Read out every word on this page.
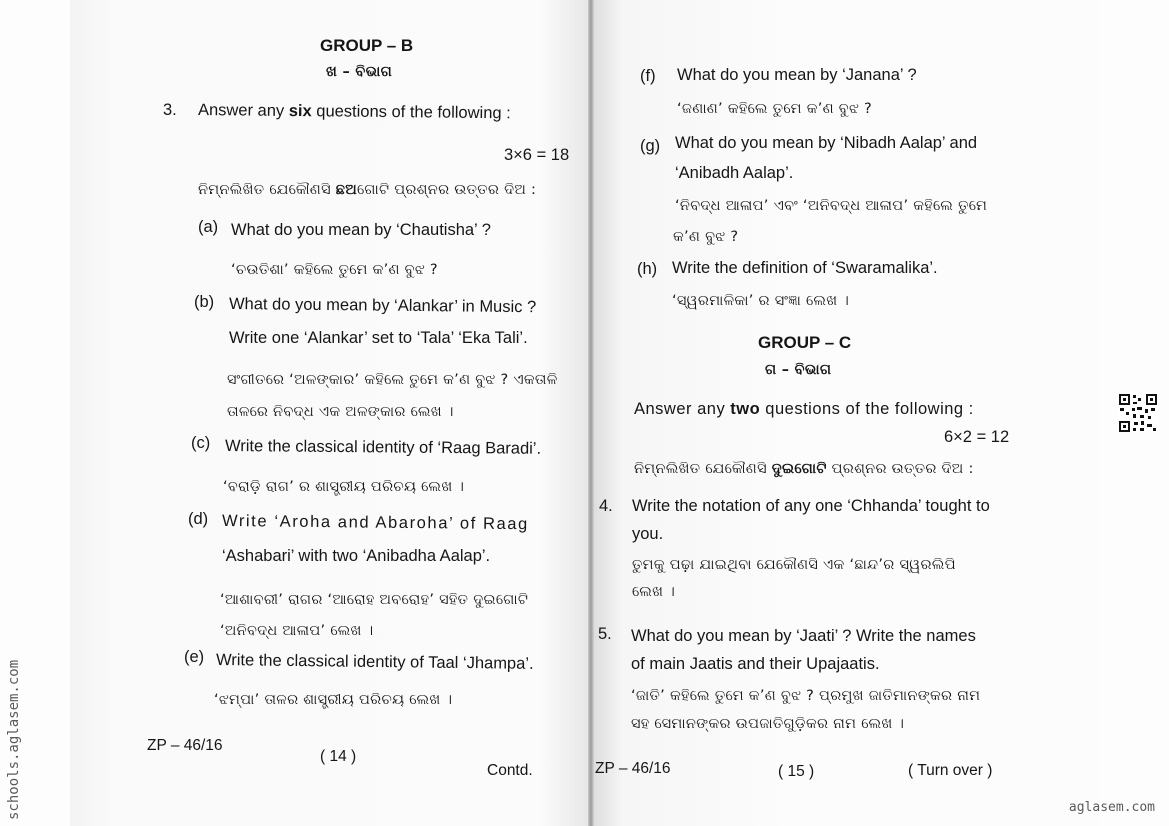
GROUP – B
ଖ – ବିଭାଗ
3. Answer any six questions of the following :
3×6 = 18
ନିମ୍ନଲିଖିତ ଯେକୌଣସି ଛଅଗୋଟି ପ୍ରଶ୍ନର ଉତ୍ତର ଦିଅ :
(a) What do you mean by ‘Chautisha’ ?
‘ଚଉତିଶା’ କହିଲେ ତୁମେ କ’ଣ ବୁଝ ?
(b) What do you mean by ‘Alankar’ in Music ?
Write one ‘Alankar’ set to ‘Tala’ ‘Eka Tali’.
ସଂଗୀତରେ ‘ଅଳଙ୍କାର’ କହିଲେ ତୁମେ କ’ଣ ବୁଝ ? ଏକତାଳି
ତାଳରେ ନିବଦ୍ଧ ଏକ ଅଳଙ୍କାର ଲେଖ ।
(c) Write the classical identity of ‘Raag Baradi’.
‘ବରାଡ଼ି ରାଗ’ ର ଶାସ୍ତ୍ରୀୟ ପରିଚୟ ଲେଖ ।
(d) Write ‘Aroha and Abaroha’ of Raag
‘Ashabari’ with two ‘Anibadha Aalap’.
‘ଆଶାବରୀ’ ରାଗର ‘ଆରୋହ ଅବରୋହ’ ସହିତ ଦୁଇଗୋଟି
‘ଅନିବଦ୍ଧ ଆଳାପ’ ଲେଖ ।
(e) Write the classical identity of Taal ‘Jhampa’.
‘ଝମ୍ପା’ ତାଳର ଶାସ୍ତ୍ରୀୟ ପରିଚୟ ଲେଖ ।
ZP – 46/16
( 14 )
Contd.
(f) What do you mean by ‘Janana’ ?
‘ଜଣାଣ’ କହିଲେ ତୁମେ କ’ଣ ବୁଝ ?
(g) What do you mean by ‘Nibadh Aalap’ and
‘Anibadh Aalap’.
‘ନିବଦ୍ଧ ଆଳାପ’ ଏବଂ ‘ଅନିବଦ୍ଧ ଆଳାପ’ କହିଲେ ତୁମେ
କ’ଣ ବୁଝ ?
(h) Write the definition of ‘Swaramalika’.
‘ସ୍ୱରମାଳିକା’ ର ସଂଜ୍ଞା ଲେଖ ।
GROUP – C
ଗ – ବିଭାଗ
Answer any two questions of the following :
6×2 = 12
ନିମ୍ନଲିଖିତ ଯେକୌଣସି ଦୁଇଗୋଟି ପ୍ରଶ୍ନର ଉତ୍ତର ଦିଅ :
4. Write the notation of any one ‘Chhanda’ tought to
you.
ତୁମକୁ ପଢ଼ା ଯାଇଥିବା ଯେକୌଣସି ଏକ ‘ଛାନ୍ଦ’ର ସ୍ୱରଲିପି
ଲେଖ ।
5. What do you mean by ‘Jaati’ ? Write the names
of main Jaatis and their Upajaatis.
‘ଜାତି’ କହିଲେ ତୁମେ କ’ଣ ବୁଝ ? ପ୍ରମୁଖ ଜାତିମାନଙ୍କର ନାମ
ସହ ସେମାନଙ୍କର ଉପଜାତିଗୁଡ଼ିକର ନାମ ଲେଖ ।
ZP – 46/16	( 15 )	( Turn over )
schools.aglasem.com	aglasem.com
